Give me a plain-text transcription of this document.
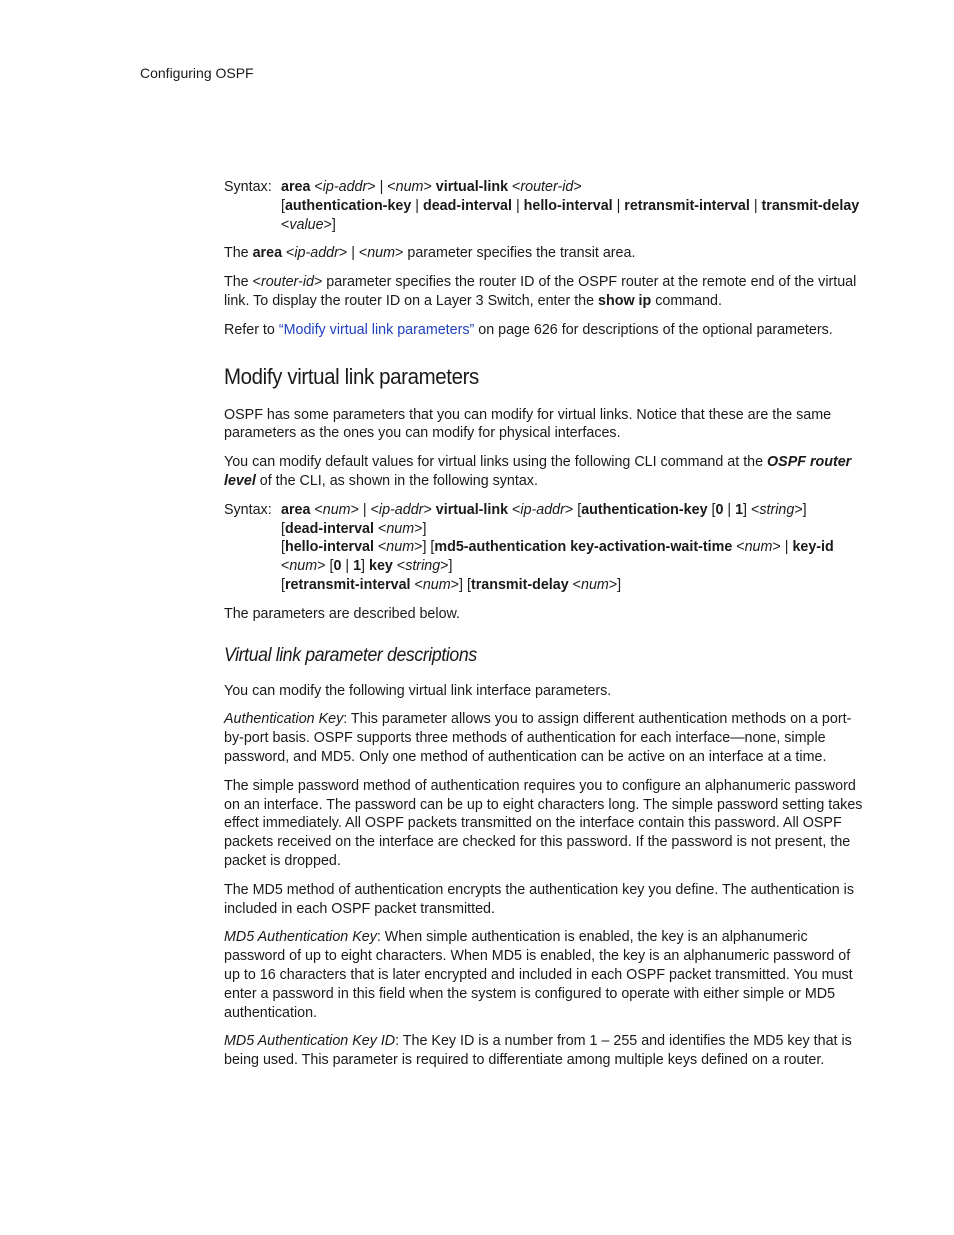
Configuring OSPF
Syntax: area <ip-addr> | <num> virtual-link <router-id>
[authentication-key | dead-interval | hello-interval | retransmit-interval | transmit-delay
<value>]

The area <ip-addr> | <num> parameter specifies the transit area.

The <router-id> parameter specifies the router ID of the OSPF router at the remote end of the virtual link. To display the router ID on a Layer 3 Switch, enter the show ip command.

Refer to “Modify virtual link parameters” on page 626 for descriptions of the optional parameters.

Modify virtual link parameters

OSPF has some parameters that you can modify for virtual links. Notice that these are the same parameters as the ones you can modify for physical interfaces.

You can modify default values for virtual links using the following CLI command at the OSPF router level of the CLI, as shown in the following syntax.

Syntax: area <num> | <ip-addr> virtual-link <ip-addr> [authentication-key [0 | 1] <string>]
[dead-interval <num>]
[hello-interval <num>] [md5-authentication key-activation-wait-time <num> | key-id
<num> [0 | 1] key <string>]
[retransmit-interval <num>] [transmit-delay <num>]

The parameters are described below.

Virtual link parameter descriptions

You can modify the following virtual link interface parameters.

Authentication Key: This parameter allows you to assign different authentication methods on a port-by-port basis. OSPF supports three methods of authentication for each interface—none, simple password, and MD5. Only one method of authentication can be active on an interface at a time.

The simple password method of authentication requires you to configure an alphanumeric password on an interface. The password can be up to eight characters long. The simple password setting takes effect immediately. All OSPF packets transmitted on the interface contain this password. All OSPF packets received on the interface are checked for this password. If the password is not present, the packet is dropped.

The MD5 method of authentication encrypts the authentication key you define. The authentication is included in each OSPF packet transmitted.

MD5 Authentication Key: When simple authentication is enabled, the key is an alphanumeric password of up to eight characters. When MD5 is enabled, the key is an alphanumeric password of up to 16 characters that is later encrypted and included in each OSPF packet transmitted. You must enter a password in this field when the system is configured to operate with either simple or MD5 authentication.

MD5 Authentication Key ID: The Key ID is a number from 1 – 255 and identifies the MD5 key that is being used. This parameter is required to differentiate among multiple keys defined on a router.
